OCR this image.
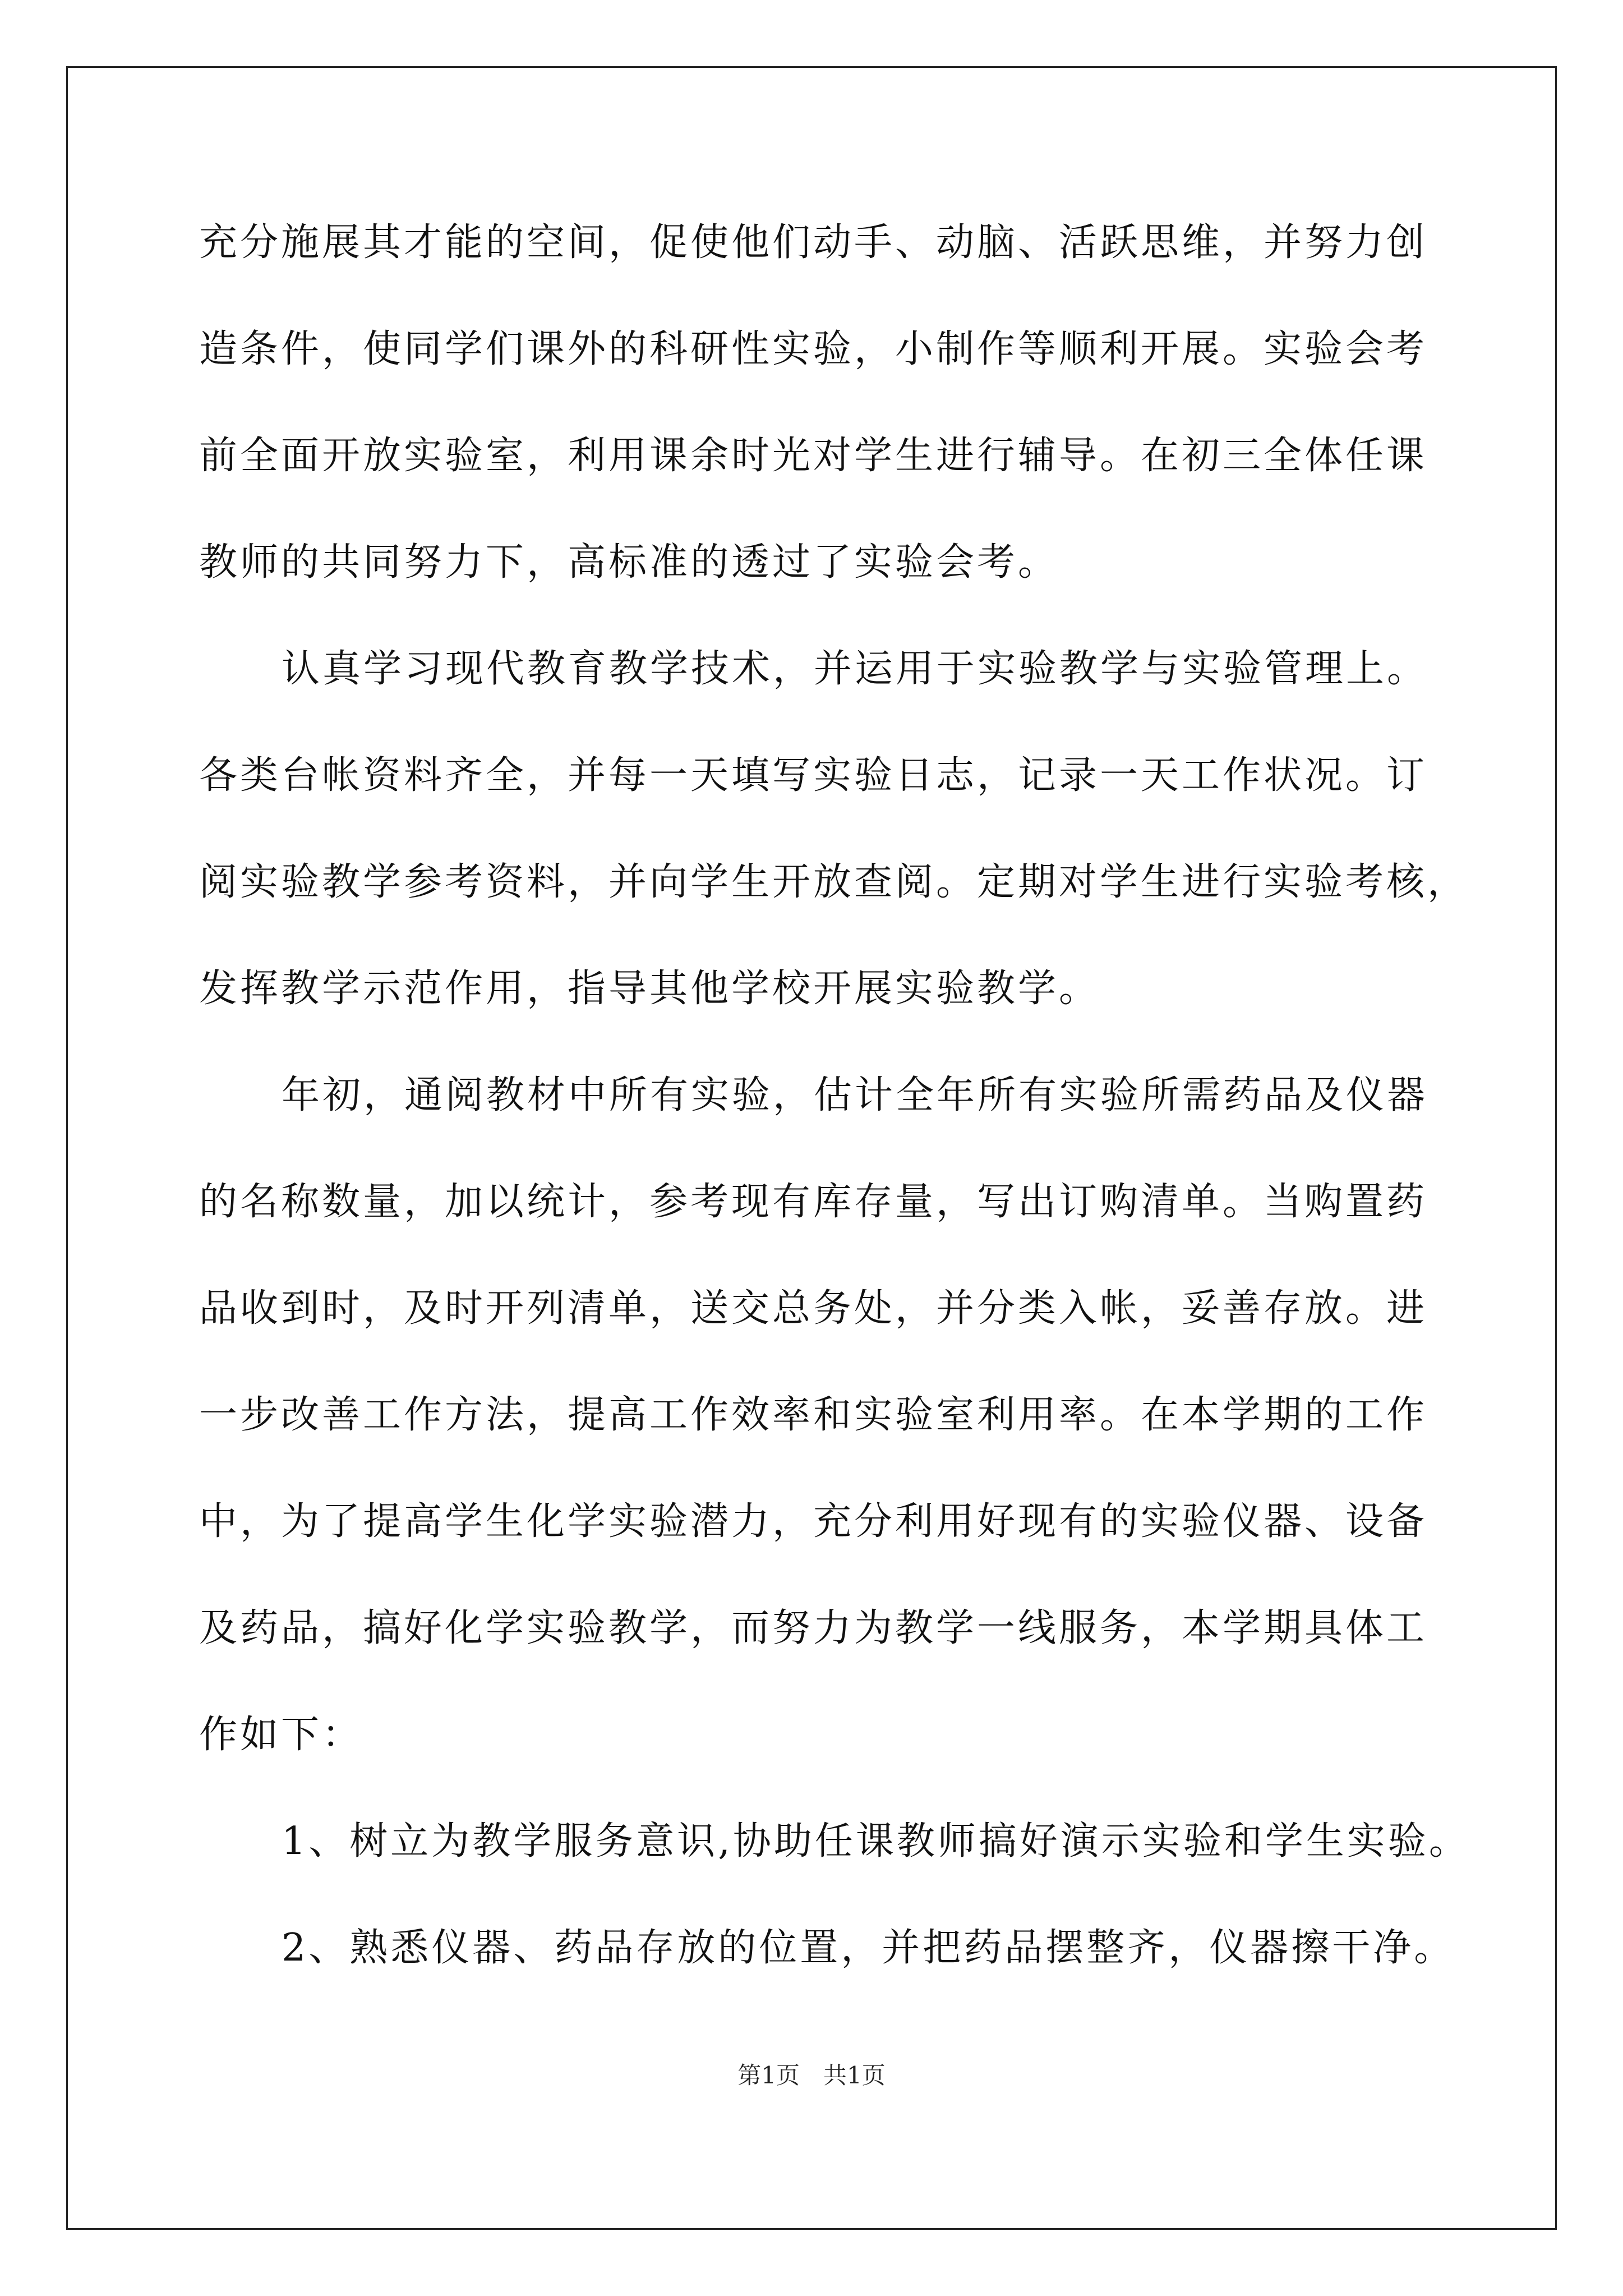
充分施展其才能的空间，促使他们动手、动脑、活跃思维，并努力创
造条件，使同学们课外的科研性实验，小制作等顺利开展。实验会考
前全面开放实验室，利用课余时光对学生进行辅导。在初三全体任课
教师的共同努力下，高标准的透过了实验会考。
认真学习现代教育教学技术，并运用于实验教学与实验管理上。
各类台帐资料齐全，并每一天填写实验日志，记录一天工作状况。订
阅实验教学参考资料，并向学生开放查阅。定期对学生进行实验考核，
发挥教学示范作用，指导其他学校开展实验教学。
年初，通阅教材中所有实验，估计全年所有实验所需药品及仪器
的名称数量，加以统计，参考现有库存量，写出订购清单。当购置药
品收到时，及时开列清单，送交总务处，并分类入帐，妥善存放。进
一步改善工作方法，提高工作效率和实验室利用率。在本学期的工作
中，为了提高学生化学实验潜力，充分利用好现有的实验仪器、设备
及药品，搞好化学实验教学，而努力为教学一线服务，本学期具体工
作如下：
1、树立为教学服务意识,协助任课教师搞好演示实验和学生实验。
2、熟悉仪器、药品存放的位置，并把药品摆整齐，仪器擦干净。
第1页　共1页
